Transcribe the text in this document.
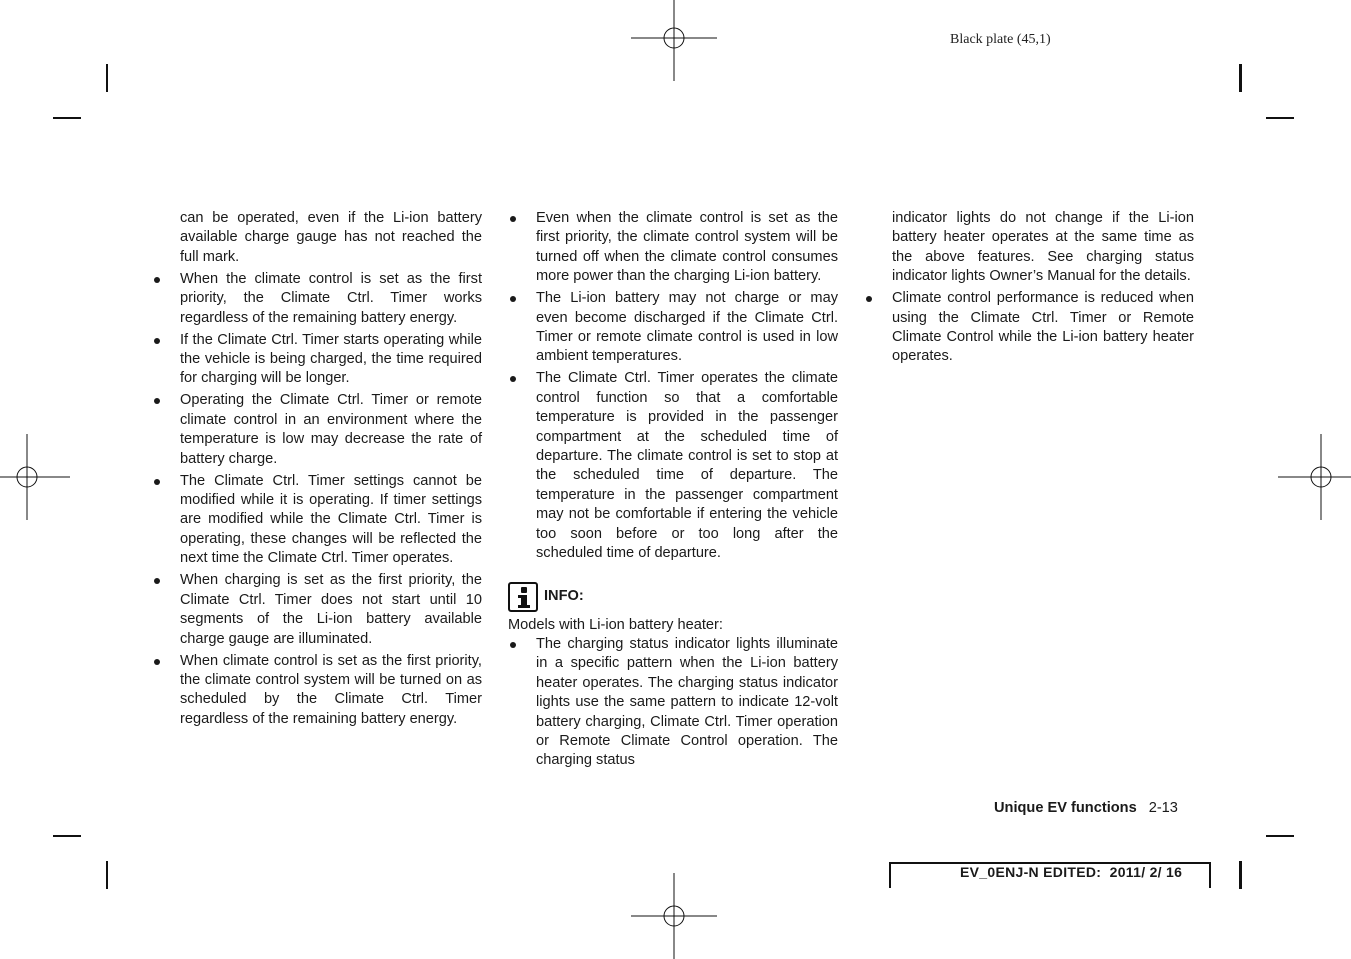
Black plate (45,1)

can be operated, even if the Li-ion battery available charge gauge has not reached the full mark.

When the climate control is set as the first priority, the Climate Ctrl. Timer works regardless of the remaining battery energy.
If the Climate Ctrl. Timer starts operating while the vehicle is being charged, the time required for charging will be longer.
Operating the Climate Ctrl. Timer or remote climate control in an environment where the temperature is low may decrease the rate of battery charge.
The Climate Ctrl. Timer settings cannot be modified while it is operating. If timer settings are modified while the Climate Ctrl. Timer is operating, these changes will be reflected the next time the Climate Ctrl. Timer operates.
When charging is set as the first priority, the Climate Ctrl. Timer does not start until 10 segments of the Li-ion battery available charge gauge are illuminated.
When climate control is set as the first priority, the climate control system will be turned on as scheduled by the Climate Ctrl. Timer regardless of the remaining battery energy.
Even when the climate control is set as the first priority, the climate control system will be turned off when the climate control consumes more power than the charging Li-ion battery.
The Li-ion battery may not charge or may even become discharged if the Climate Ctrl. Timer or remote climate control is used in low ambient temperatures.
The Climate Ctrl. Timer operates the climate control function so that a comfortable temperature is provided in the passenger compartment at the scheduled time of departure. The climate control is set to stop at the scheduled time of departure. The temperature in the passenger compartment may not be comfortable if entering the vehicle too soon before or too long after the scheduled time of departure.
INFO:

Models with Li-ion battery heater:

The charging status indicator lights illuminate in a specific pattern when the Li-ion battery heater operates. The charging status indicator lights use the same pattern to indicate 12-volt battery charging, Climate Ctrl. Timer operation or Remote Climate Control operation. The charging status

indicator lights do not change if the Li-ion battery heater operates at the same time as the above features. See charging status indicator lights Owner’s Manual for the details.

Climate control performance is reduced when using the Climate Ctrl. Timer or Remote Climate Control while the Li-ion battery heater operates.
Unique EV functions 2-13
EV_0ENJ-N EDITED:  2011/ 2/ 16
